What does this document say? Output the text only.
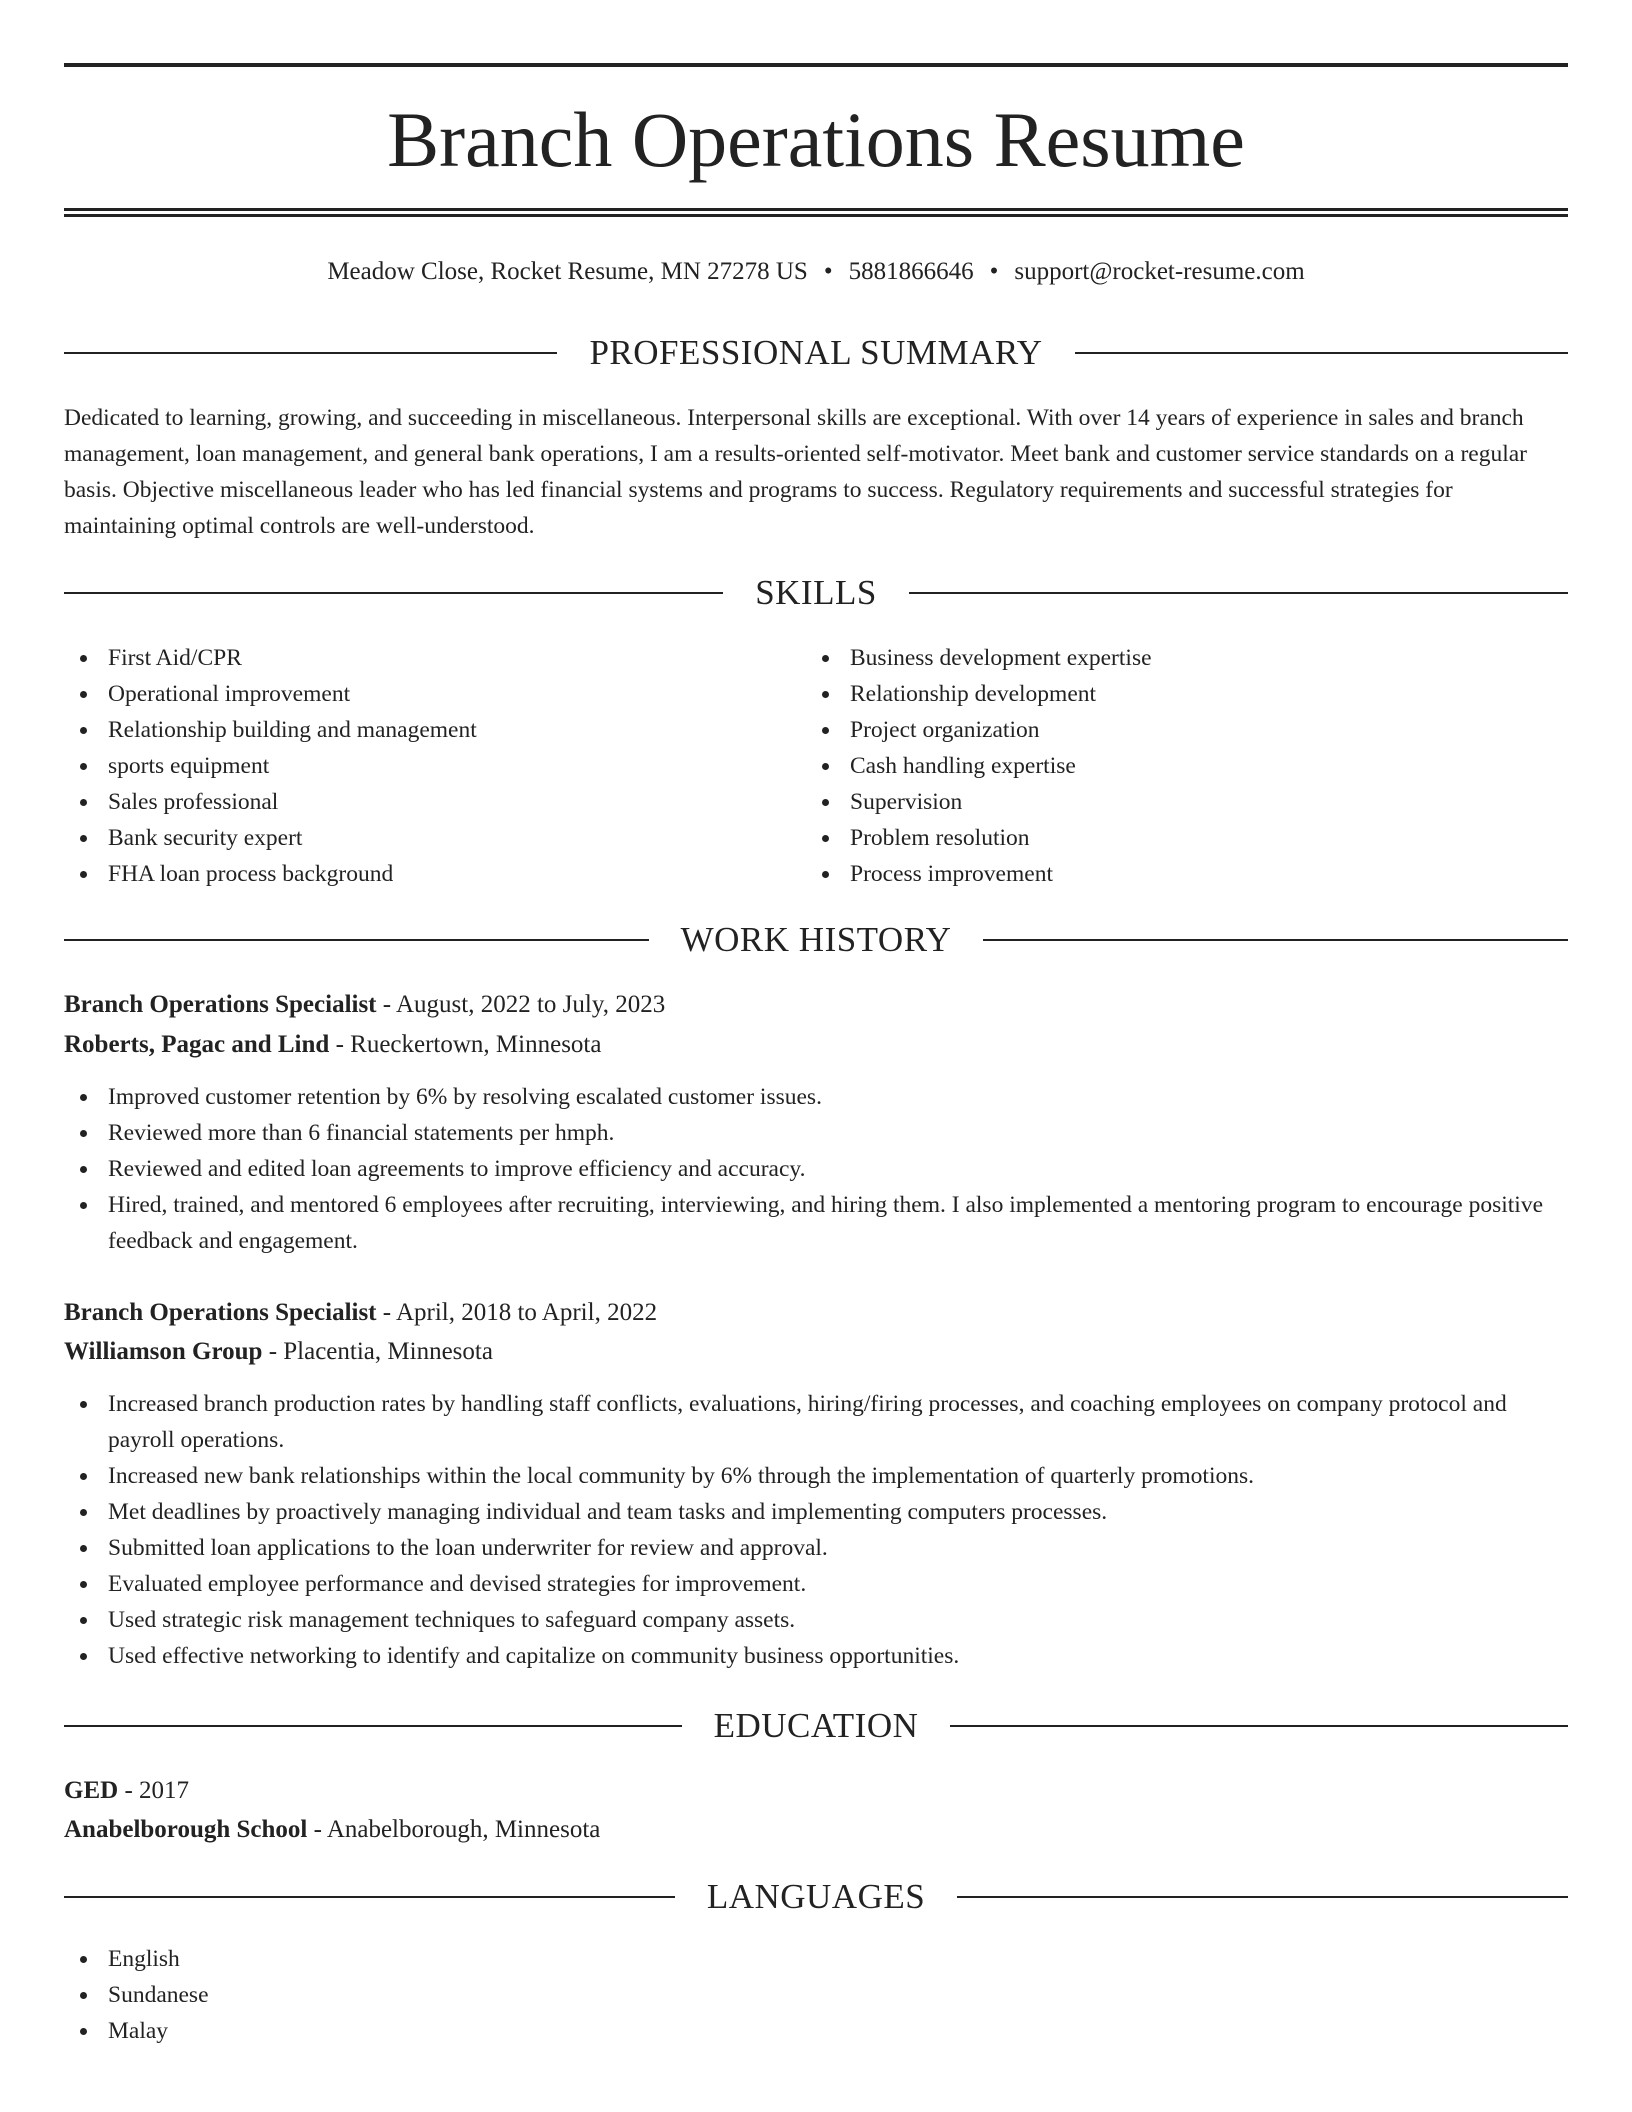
Branch Operations Resume
Meadow Close, Rocket Resume, MN 27278 US • 5881866646 • support@rocket-resume.com
PROFESSIONAL SUMMARY

Dedicated to learning, growing, and succeeding in miscellaneous. Interpersonal skills are exceptional. With over 14 years of experience in sales and branch management, loan management, and general bank operations, I am a results-oriented self-motivator. Meet bank and customer service standards on a regular basis. Objective miscellaneous leader who has led financial systems and programs to success. Regulatory requirements and successful strategies for maintaining optimal controls are well-understood.

SKILLS
First Aid/CPR
Operational improvement
Relationship building and management
sports equipment
Sales professional
Bank security expert
FHA loan process background
Business development expertise
Relationship development
Project organization
Cash handling expertise
Supervision
Problem resolution
Process improvement
WORK HISTORY
Branch Operations Specialist - August, 2022 to July, 2023
Roberts, Pagac and Lind - Rueckertown, Minnesota
Improved customer retention by 6% by resolving escalated customer issues.
Reviewed more than 6 financial statements per hmph.
Reviewed and edited loan agreements to improve efficiency and accuracy.
Hired, trained, and mentored 6 employees after recruiting, interviewing, and hiring them. I also implemented a mentoring program to encourage positive feedback and engagement.
Branch Operations Specialist - April, 2018 to April, 2022
Williamson Group - Placentia, Minnesota
Increased branch production rates by handling staff conflicts, evaluations, hiring/firing processes, and coaching employees on company protocol and payroll operations.
Increased new bank relationships within the local community by 6% through the implementation of quarterly promotions.
Met deadlines by proactively managing individual and team tasks and implementing computers processes.
Submitted loan applications to the loan underwriter for review and approval.
Evaluated employee performance and devised strategies for improvement.
Used strategic risk management techniques to safeguard company assets.
Used effective networking to identify and capitalize on community business opportunities.
EDUCATION
GED - 2017
Anabelborough School - Anabelborough, Minnesota
LANGUAGES
English
Sundanese
Malay
